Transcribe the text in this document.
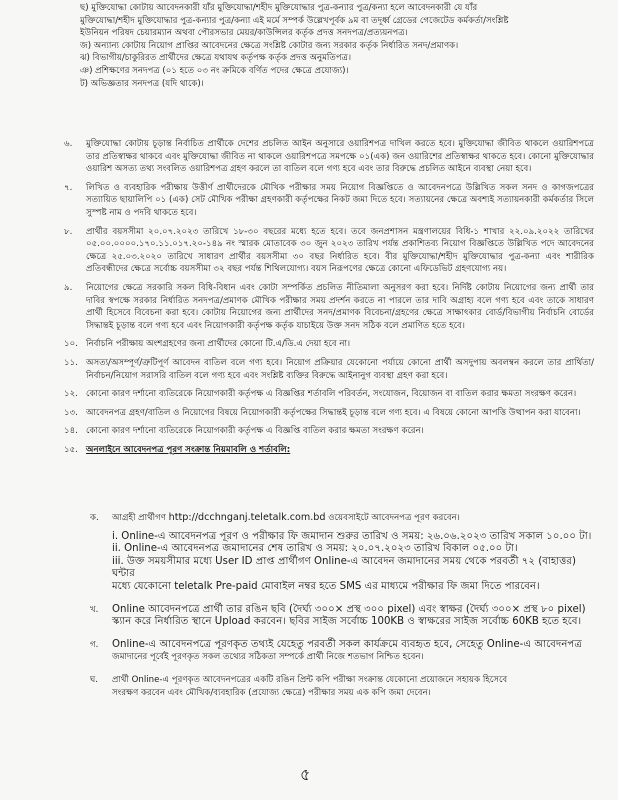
ছ) মুক্তিযোদ্ধা কোটায় আবেদনকারী যাঁর মুক্তিযোদ্ধা/শহীদ মুক্তিযোদ্ধার পুত্র-কন্যার পুত্র/কন্যা হলে আবেদনকারী যে যাঁর

মুক্তিযোদ্ধা/শহীদ মুক্তিযোদ্ধার পুত্র-কন্যার পুত্র/কন্যা এই মর্মে সম্পর্ক উল্লেখপূর্বক ৯ম বা তদূর্ধ্ব গ্রেডের গেজেটেড কর্মকর্তা/সংশ্লিষ্ট

ইউনিয়ন পরিষদ চেয়ারম্যান অথবা পৌরসভার মেয়র/কাউন্সিলর কর্তৃক প্রদত্ত সনদপত্র/প্রত্যয়নপত্র।

জ) অন্যান্য কোটায় নিয়োগ প্রাপ্তির আবেদনের ক্ষেত্রে সংশ্লিষ্ট কোটার জন্য সরকার কর্তৃক নির্ধারিত সনদ/প্রমাণক।

ঝ) বিভাগীয়/চাকুরিরত প্রার্থীদের ক্ষেত্রে যথাযথ কর্তৃপক্ষ কর্তৃক প্রদত্ত অনুমতিপত্র।

ঞ) প্রশিক্ষণের সনদপত্র (০১ হতে ০৩ নং ক্রমিকে বর্ণিত পদের ক্ষেত্রে প্রযোজ্য)।

ট) অভিজ্ঞতার সনদপত্র (যদি থাকে)।

৬.	মুক্তিযোদ্ধা কোটায় চূড়ান্ত নির্বাচিত প্রার্থীকে দেশের প্রচলিত আইন অনুসারে ওয়ারিশপত্র দাখিল করতে হবে। মুক্তিযোদ্ধা জীবিত থাকলে ওয়ারিশপত্রে তার প্রতিস্বাক্ষর থাকবে এবং মুক্তিযোদ্ধা জীবিত না থাকলে ওয়ারিশপত্রে সমপক্ষে ০১(এক) জন ওয়ারিশের প্রতিস্বাক্ষর থাকতে হবে। কোনো মুক্তিযোদ্ধার ওয়ারিশ অসত্য তথ্য সংবলিত ওয়ারিশপত্র গ্রহণ করলে তা বাতিল বলে গণ্য হবে এবং তার বিরুদ্ধে প্রচলিত আইনে ব্যবস্থা নেয়া হবে।
৭.	লিখিত ও ব্যবহারিক পরীক্ষায় উত্তীর্ণ প্রার্থীদেরকে মৌখিক পরীক্ষার সময় নিয়োগ বিজ্ঞপ্তিতে ও আবেদনপত্রে উল্লিখিত সকল সনদ ও কাগজপত্রের সত্যায়িত ছায়ালিপি ০১ (এক) সেট মৌখিক পরীক্ষা গ্রহণকারী কর্তৃপক্ষের নিকট জমা দিতে হবে। সত্যায়নের ক্ষেত্রে অবশ্যই সত্যায়নকারী কর্মকর্তার সিলে সুস্পষ্ট নাম ও পদবি থাকতে হবে।
৮.	প্রার্থীর বয়সসীমা ২০.০৭.২০২৩ তারিখে ১৮-৩০ বছরের মধ্যে হতে হবে। তবে জনপ্রশাসন মন্ত্রণালয়ের বিধি-১ শাখার ২২.০৯.২০২২ তারিখের ০৫.০০.০০০০.১৭০.১১.০১৭.২০-১৪৯ নং স্মারক মোতাবেক ৩০ জুন ২০২৩ তারিখ পর্যন্ত প্রকাশিতব্য নিয়োগ বিজ্ঞপ্তিতে উল্লিখিত পদে আবেদনের ক্ষেত্রে ২৫.০৩.২০২০ তারিখে সাধারণ প্রার্থীর বয়সসীমা ৩০ বছর নির্ধারিত হবে। বীর মুক্তিযোদ্ধা/শহীদ মুক্তিযোদ্ধার পুত্র-কন্যা এবং শারীরিক প্রতিবন্ধীদের ক্ষেত্রে সর্বোচ্চ বয়সসীমা ৩২ বছর পর্যন্ত শিথিলযোগ্য। বয়স নিরূপণের ক্ষেত্রে কোনো এফিডেভিট গ্রহণযোগ্য নয়।
৯.	নিয়োগের ক্ষেত্রে সরকারি সকল বিধি-বিধান এবং কোটা সম্পর্কিত প্রচলিত নীতিমালা অনুসরণ করা হবে। নির্দিষ্ট কোটায় নিয়োগের জন্য প্রার্থী তার দাবির স্বপক্ষে সরকার নির্ধারিত সনদপত্র/প্রমাণক মৌখিক পরীক্ষার সময় প্রদর্শন করতে না পারলে তার দাবি অগ্রাহ্য বলে গণ্য হবে এবং তাকে সাধারণ প্রার্থী হিসেবে বিবেচনা করা হবে। কোটায় নিয়োগের জন্য প্রার্থীদের সনদ/প্রমাণক বিবেচনা/গ্রহণের ক্ষেত্রে সাক্ষাৎকার বোর্ড/বিভাগীয় নির্বাচনি বোর্ডের সিদ্ধান্তই চূড়ান্ত বলে গণ্য হবে এবং নিয়োগকারী কর্তৃপক্ষ কর্তৃক যাচাইয়ে উক্ত সনদ সঠিক বলে প্রমাণিত হতে হবে।
১০. নির্বাচনি পরীক্ষায় অংশগ্রহণের জন্য প্রার্থীদের কোনো টি.এ/ডি.এ দেয়া হবে না।
১১. অসত্য/অসম্পূর্ণ/ত্রুটিপূর্ণ আবেদন বাতিল বলে গণ্য হবে। নিয়োগ প্রক্রিয়ার যেকোনো পর্যায়ে কোনো প্রার্থী অসদুপায় অবলম্বন করলে তার প্রার্থিতা/নির্বাচন/নিয়োগ সরাসরি বাতিল বলে গণ্য হবে এবং সংশ্লিষ্ট ব্যক্তির বিরুদ্ধে আইনানুগ ব্যবস্থা গ্রহণ করা হবে।
১২. কোনো কারণ দর্শানো ব্যতিরেকে নিয়োগকারী কর্তৃপক্ষ এ বিজ্ঞপ্তির শর্তাবলি পরিবর্তন, সংযোজন, বিয়োজন বা বাতিল করার ক্ষমতা সংরক্ষণ করেন।
১৩. আবেদনপত্র গ্রহণ/বাতিল ও নিয়োগের বিষয়ে নিয়োগকারী কর্তৃপক্ষের সিদ্ধান্তই চূড়ান্ত বলে গণ্য হবে। এ বিষয়ে কোনো আপত্তি উত্থাপন করা যাবেনা।
১৪. কোনো কারণ দর্শানো ব্যতিরেকে নিয়োগকারী কর্তৃপক্ষ এ বিজ্ঞপ্তি বাতিল করার ক্ষমতা সংরক্ষণ করেন।
১৫. অনলাইনে আবেদনপত্র পূরণ সংক্রান্ত নিয়মাবলি ও শর্তাবলি:
ক.	আগ্রহী প্রার্থীগণ http://dcchnganj.teletalk.com.bd ওয়েবসাইটে আবেদনপত্র পূরণ করবেন।
i. Online-এ আবেদনপত্র পূরণ ও পরীক্ষার ফি জমাদান শুরুর তারিখ ও সময়: ২৬.০৬.২০২৩ তারিখ সকাল ১০.০০ টা।
ii. Online-এ আবেদনপত্র জমাদানের শেষ তারিখ ও সময়: ২০.০৭.২০২৩ তারিখ বিকাল ০৫.০০ টা।
iii. উক্ত সময়সীমার মধ্যে User ID প্রাপ্ত প্রার্থীগণ Online-এ আবেদন জমাদানের সময় থেকে পরবর্তী ৭২ (বাহাত্তর) ঘন্টার
মধ্যে যেকোনো teletalk Pre-paid মোবাইল নম্বর হতে SMS এর মাধ্যমে পরীক্ষার ফি জমা দিতে পারবেন।
খ.	Online আবেদনপত্রে প্রার্থী তার রঙিন ছবি (দৈর্ঘ্য ৩০০× প্রস্থ ৩০০ pixel) এবং স্বাক্ষর (দৈর্ঘ্য ৩০০× প্রস্থ ৮০ pixel)
স্ক্যান করে নির্ধারিত স্থানে Upload করবেন। ছবির সাইজ সর্বোচ্চ 100KB ও স্বাক্ষরের সাইজ সর্বোচ্চ 60KB হতে হবে।
গ.	Online-এ আবেদনপত্রে পূরণকৃত তথ্যই যেহেতু পরবর্তী সকল কার্যক্রমে ব্যবহৃত হবে, সেহেতু Online-এ আবেদনপত্র
জমাদানের পূর্বেই পূরণকৃত সকল তথ্যের সঠিকতা সম্পর্কে প্রার্থী নিজে শতভাগ নিশ্চিত হবেন।
ঘ.	প্রার্থী Online-এ পূরণকৃত আবেদনপত্রের একটি রঙিন প্রিন্ট কপি পরীক্ষা সংক্রান্ত যেকোনো প্রয়োজনে সহায়ক হিসেবে
সংরক্ষণ করবেন এবং মৌখিক/ব্যবহারিক (প্রযোজ্য ক্ষেত্রে) পরীক্ষার সময় এক কপি জমা দেবেন।
৫
